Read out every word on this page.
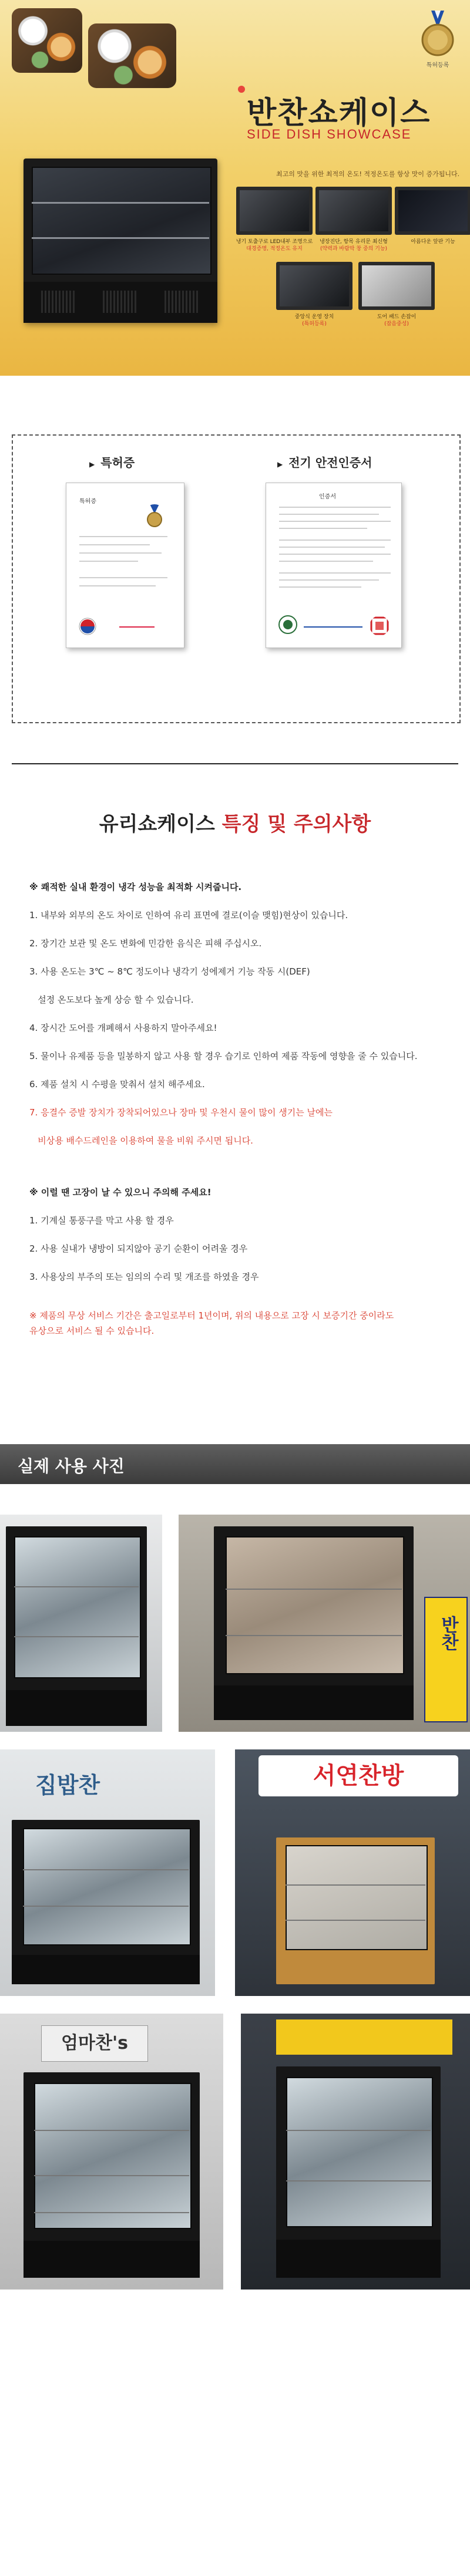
특허등록
반찬쇼케이스
SIDE DISH SHOWCASE
최고의 맛을 위한 최적의 온도! 적정온도를 항상 맛이 증가됩니다.
냉기 토출구로 LED내부 조명으로
대경증명, 적정온도 유지
냉장진단, 항목 유리문 최신형
(약력과 바람막 창 중의 기능)
아름다운 앞판 기능

중앙식 운영 장치
(특허등록)
도어 패드 손잡이
(잡음중성)
▶ 특허증	▶ 전기 안전인증서
특허증
인증서
유리쇼케이스 특징 및 주의사항
※ 쾌적한 실내 환경이 냉각 성능을 최적화 시켜줍니다.
1. 내부와 외부의 온도 차이로 인하여 유리 표면에 결로(이슬 맺힘)현상이 있습니다.
2. 장기간 보관 및 온도 변화에 민감한 음식은 피해 주십시오.
3. 사용 온도는 3℃ ~ 8℃ 정도이나 냉각기 성에제거 기능 작동 시(DEF)
설정 온도보다 높게 상승 할 수 있습니다.
4. 장시간 도어를 개폐해서 사용하지 말아주세요!
5. 물이나 유제품 등을 밀봉하지 않고 사용 할 경우 습기로 인하여 제품 작동에 영향을 줄 수 있습니다.
6. 제품 설치 시 수평을 맞춰서 설치 해주세요.
7. 응결수 증발 장치가 장착되어있으나 장마 및 우천시 물이 많이 생기는 날에는
비상용 배수드레인을 이용하여 물을 비워 주시면 됩니다.
※ 이럴 땐 고장이 날 수 있으니 주의해 주세요!
1. 기계실 통풍구를 막고 사용 할 경우
2. 사용 실내가 냉방이 되지않아 공기 순환이 어려울 경우
3. 사용상의 부주의 또는 임의의 수리 및 개조를 하였을 경우
※ 제품의 무상 서비스 기간은 출고일로부터 1년이며, 위의 내용으로 고장 시 보증기간 중이라도
유상으로 서비스 될 수 있습니다.
실제 사용 사진
반찬
집밥찬	서연찬방
엄마찬's
